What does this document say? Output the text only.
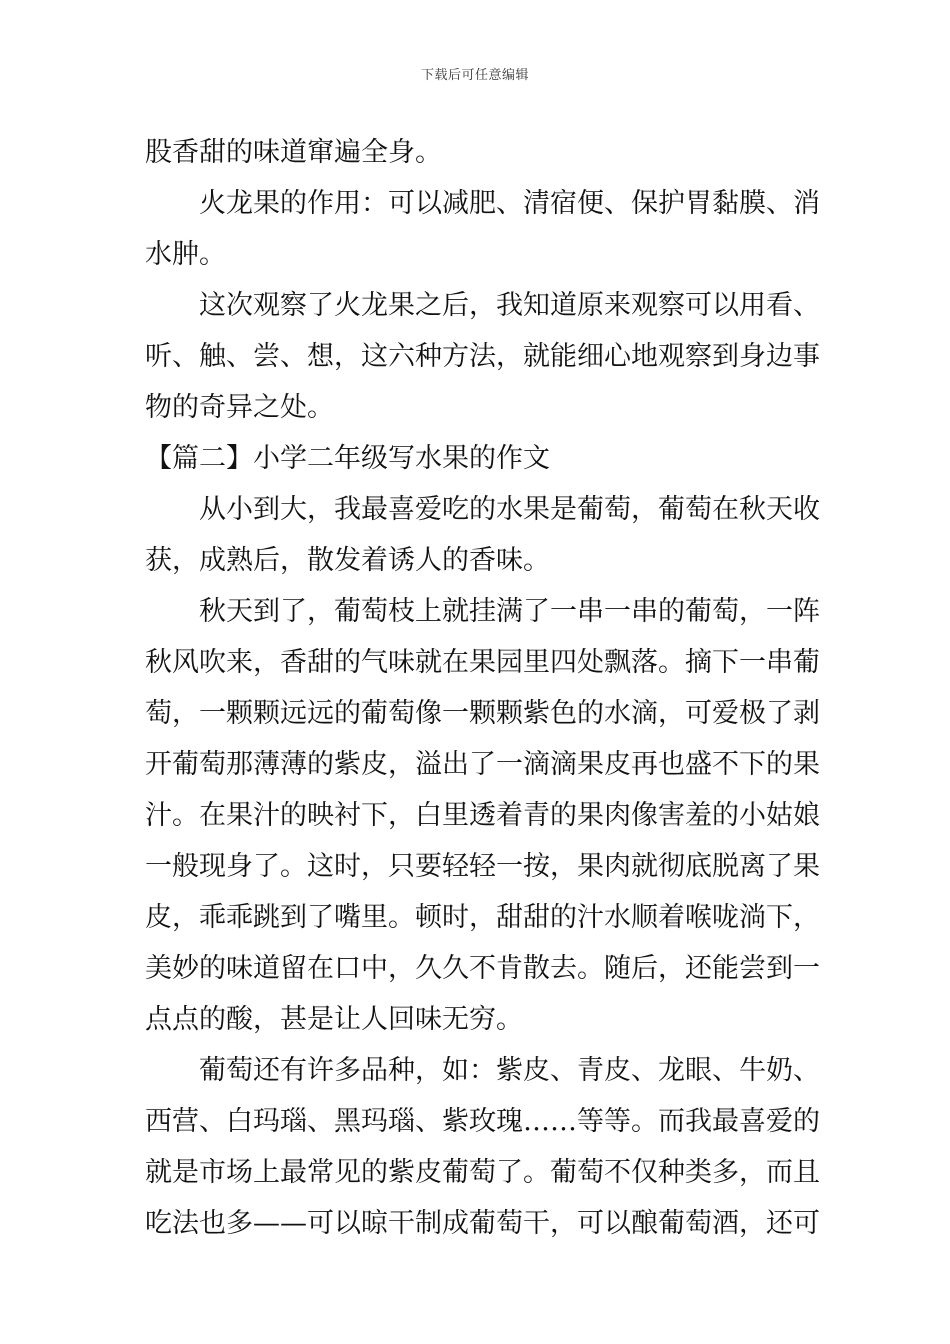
下载后可任意编辑
股香甜的味道窜遍全身。
火龙果的作用：可以减肥、清宿便、保护胃黏膜、消
水肿。
这次观察了火龙果之后，我知道原来观察可以用看、
听、触、尝、想，这六种方法，就能细心地观察到身边事
物的奇异之处。
【篇二】小学二年级写水果的作文
从小到大，我最喜爱吃的水果是葡萄，葡萄在秋天收
获，成熟后，散发着诱人的香味。
秋天到了，葡萄枝上就挂满了一串一串的葡萄，一阵
秋风吹来，香甜的气味就在果园里四处飘落。摘下一串葡
萄，一颗颗远远的葡萄像一颗颗紫色的水滴，可爱极了剥
开葡萄那薄薄的紫皮，溢出了一滴滴果皮再也盛不下的果
汁。在果汁的映衬下，白里透着青的果肉像害羞的小姑娘
一般现身了。这时，只要轻轻一按，果肉就彻底脱离了果
皮，乖乖跳到了嘴里。顿时，甜甜的汁水顺着喉咙淌下，
美妙的味道留在口中，久久不肯散去。随后，还能尝到一
点点的酸，甚是让人回味无穷。
葡萄还有许多品种，如：紫皮、青皮、龙眼、牛奶、
西营、白玛瑙、黑玛瑙、紫玫瑰……等等。而我最喜爱的
就是市场上最常见的紫皮葡萄了。葡萄不仅种类多，而且
吃法也多——可以晾干制成葡萄干，可以酿葡萄酒，还可
